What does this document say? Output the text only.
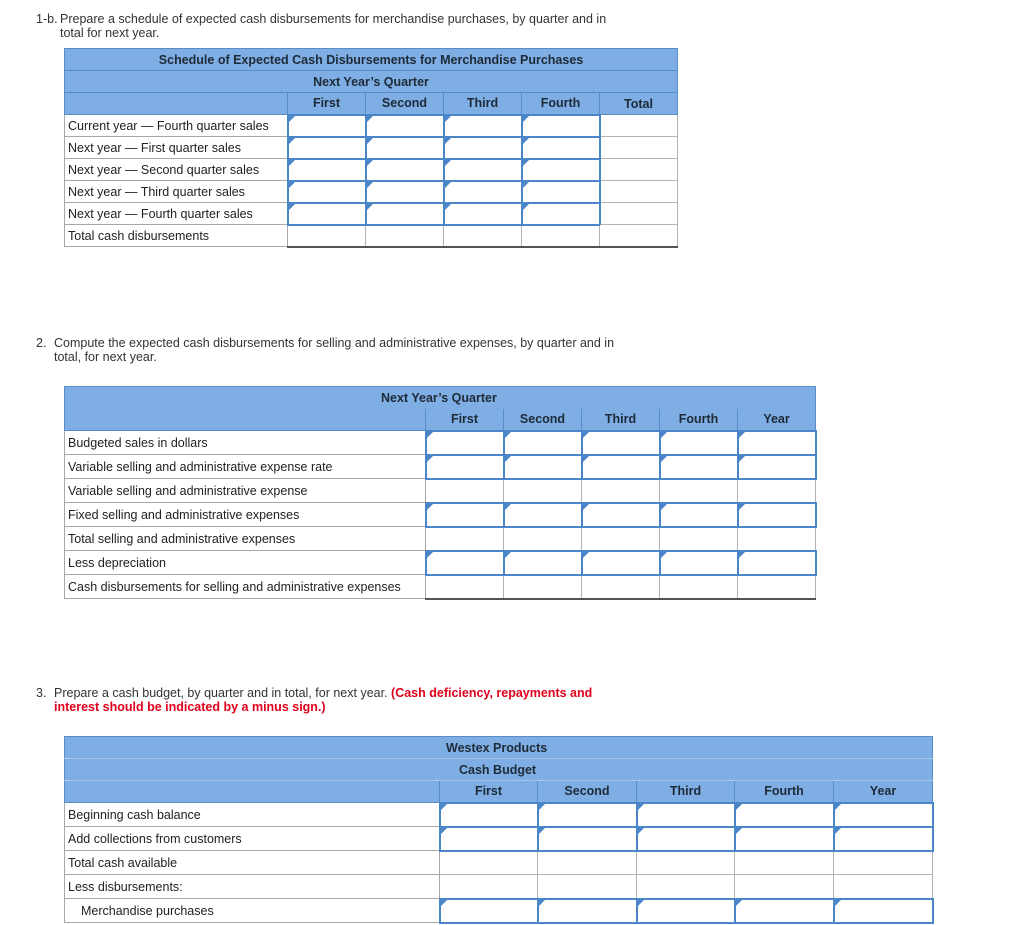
1-b. Prepare a schedule of expected cash disbursements for merchandise purchases, by quarter and in
total for next year.
Schedule of Expected Cash Disbursements for Merchandise Purchases					
Next Year’s Quarter					
	First	Second	Third	Fourth	Total
Current year — Fourth quarter sales					
Next year — First quarter sales					
Next year — Second quarter sales					
Next year — Third quarter sales					
Next year — Fourth quarter sales					
Total cash disbursements					
2. Compute the expected cash disbursements for selling and administrative expenses, by quarter and in
total, for next year.
Next Year’s Quarter					
	First	Second	Third	Fourth	Year
Budgeted sales in dollars					
Variable selling and administrative expense rate					
Variable selling and administrative expense					
Fixed selling and administrative expenses					
Total selling and administrative expenses					
Less depreciation					
Cash disbursements for selling and administrative expenses					
3. Prepare a cash budget, by quarter and in total, for next year. (Cash deficiency, repayments and
interest should be indicated by a minus sign.)
Westex Products					
Cash Budget					
	First	Second	Third	Fourth	Year
Beginning cash balance					
Add collections from customers					
Total cash available					
Less disbursements:					
Merchandise purchases					
